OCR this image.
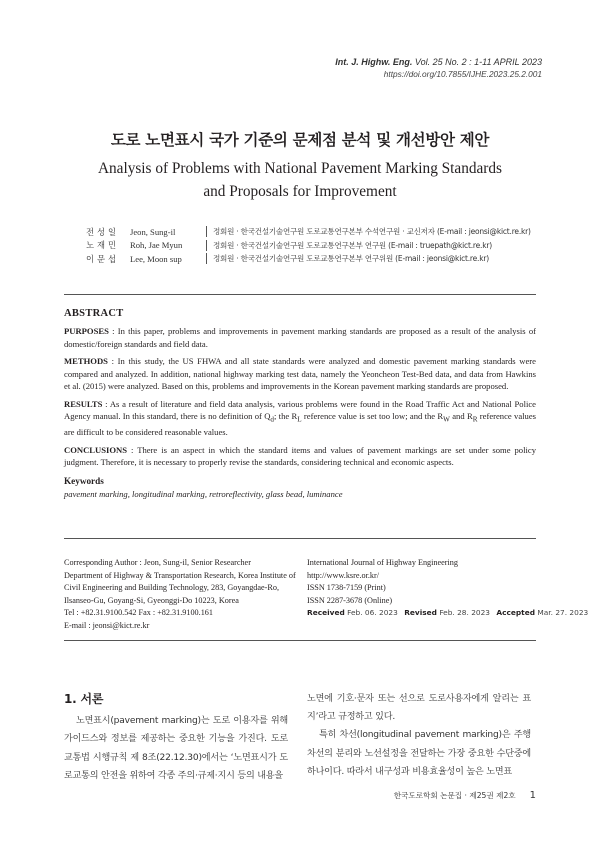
Int. J. Highw. Eng. Vol. 25 No. 2 : 1-11 APRIL 2023
https://doi.org/10.7855/IJHE.2023.25.2.001
도로 노면표시 국가 기준의 문제점 분석 및 개선방안 제안
Analysis of Problems with National Pavement Marking Standards and Proposals for Improvement
전성일	Jeon, Sung-il	정회원 · 한국건설기술연구원 도로교통연구본부 수석연구원 · 교신저자 (E-mail : jeonsi@kict.re.kr)
노재민	Roh, Jae Myun	정회원 · 한국건설기술연구원 도로교통연구본부 연구원 (E-mail : truepath@kict.re.kr)
이문섭	Lee, Moon sup	정회원 · 한국건설기술연구원 도로교통연구본부 연구위원 (E-mail : jeonsi@kict.re.kr)
ABSTRACT

PURPOSES : In this paper, problems and improvements in pavement marking standards are proposed as a result of the analysis of domestic/foreign standards and field data.

METHODS : In this study, the US FHWA and all state standards were analyzed and domestic pavement marking standards were compared and analyzed. In addition, national highway marking test data, namely the Yeoncheon Test-Bed data, and data from Hawkins et al. (2015) were analyzed. Based on this, problems and improvements in the Korean pavement marking standards are proposed.

RESULTS : As a result of literature and field data analysis, various problems were found in the Road Traffic Act and National Police Agency manual. In this standard, there is no definition of $Q_d$; the $R_L$ reference value is set too low; and the $R_W$ and $R_R$ reference values are difficult to be considered reasonable values.

CONCLUSIONS : There is an aspect in which the standard items and values of pavement markings are set under some policy judgment. Therefore, it is necessary to properly revise the standards, considering technical and economic aspects.

Keywords
pavement marking, longitudinal marking, retroreflectivity, glass bead, luminance
Corresponding Author : Jeon, Sung-il, Senior Researcher
Department of Highway & Transportation Research, Korea Institute of Civil Engineering and Building Technology, 283, Goyangdae-Ro, Ilsanseo-Gu, Goyang-Si, Gyeonggi-Do 10223, Korea
Tel : +82.31.9100.542 Fax : +82.31.9100.161
E-mail : jeonsi@kict.re.kr
International Journal of Highway Engineering
http://www.ksre.or.kr/
ISSN 1738-7159 (Print)
ISSN 2287-3678 (Online)
Received Feb. 06. 2023 Revised Feb. 28. 2023 Accepted Mar. 27. 2023
1. 서론

노면표시(pavement marking)는 도로 이용자를 위해 가이드스와 정보를 제공하는 중요한 기능을 가진다. 도로교통법 시행규칙 제 8조(22.12.30)에서는 ‘노면표시가 도로교통의 안전을 위하여 각종 주의·규제·지시 등의 내용을

노면에 기호·문자 또는 선으로 도로사용자에게 알리는 표지’라고 규정하고 있다.

특히 차선(longitudinal pavement marking)은 주행차선의 분리와 노선설정을 전달하는 가장 중요한 수단중에 하나이다. 따라서 내구성과 비용효율성이 높은 노면표

한국도로학회 논문집 · 제25권 제2호 1
